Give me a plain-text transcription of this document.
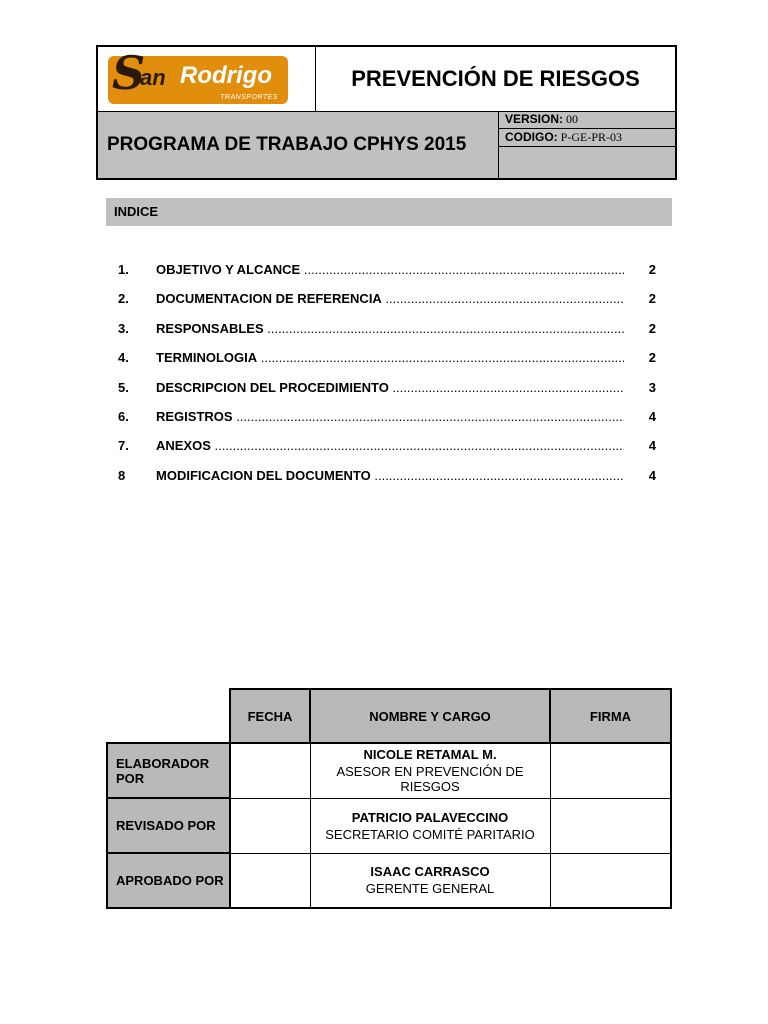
S
an Rodrigo
TRANSPORTES
PREVENCIÓN DE RIESGOS
PROGRAMA DE TRABAJO CPHYS 2015
VERSION: 00
CODIGO: P-GE-PR-03
INDICE
1.	OBJETIVO Y ALCANCE .....	2
2.	DOCUMENTACION DE REFERENCIA .....	2
3.	RESPONSABLES .....	2
4.	TERMINOLOGIA .....	2
5.	DESCRIPCION DEL PROCEDIMIENTO .....	3
6.	REGISTROS .....	4
7.	ANEXOS .....	4
8	MODIFICACION DEL DOCUMENTO .....	4
	FECHA	NOMBRE Y CARGO	FIRMA
ELABORADOR POR		NICOLE RETAMAL M.
ASESOR EN PREVENCIÓN DE RIESGOS	

REVISADO POR		PATRICIO PALAVECCINO
SECRETARIO COMITÉ PARITARIO	

APROBADO POR		ISAAC CARRASCO
GERENTE GENERAL	
